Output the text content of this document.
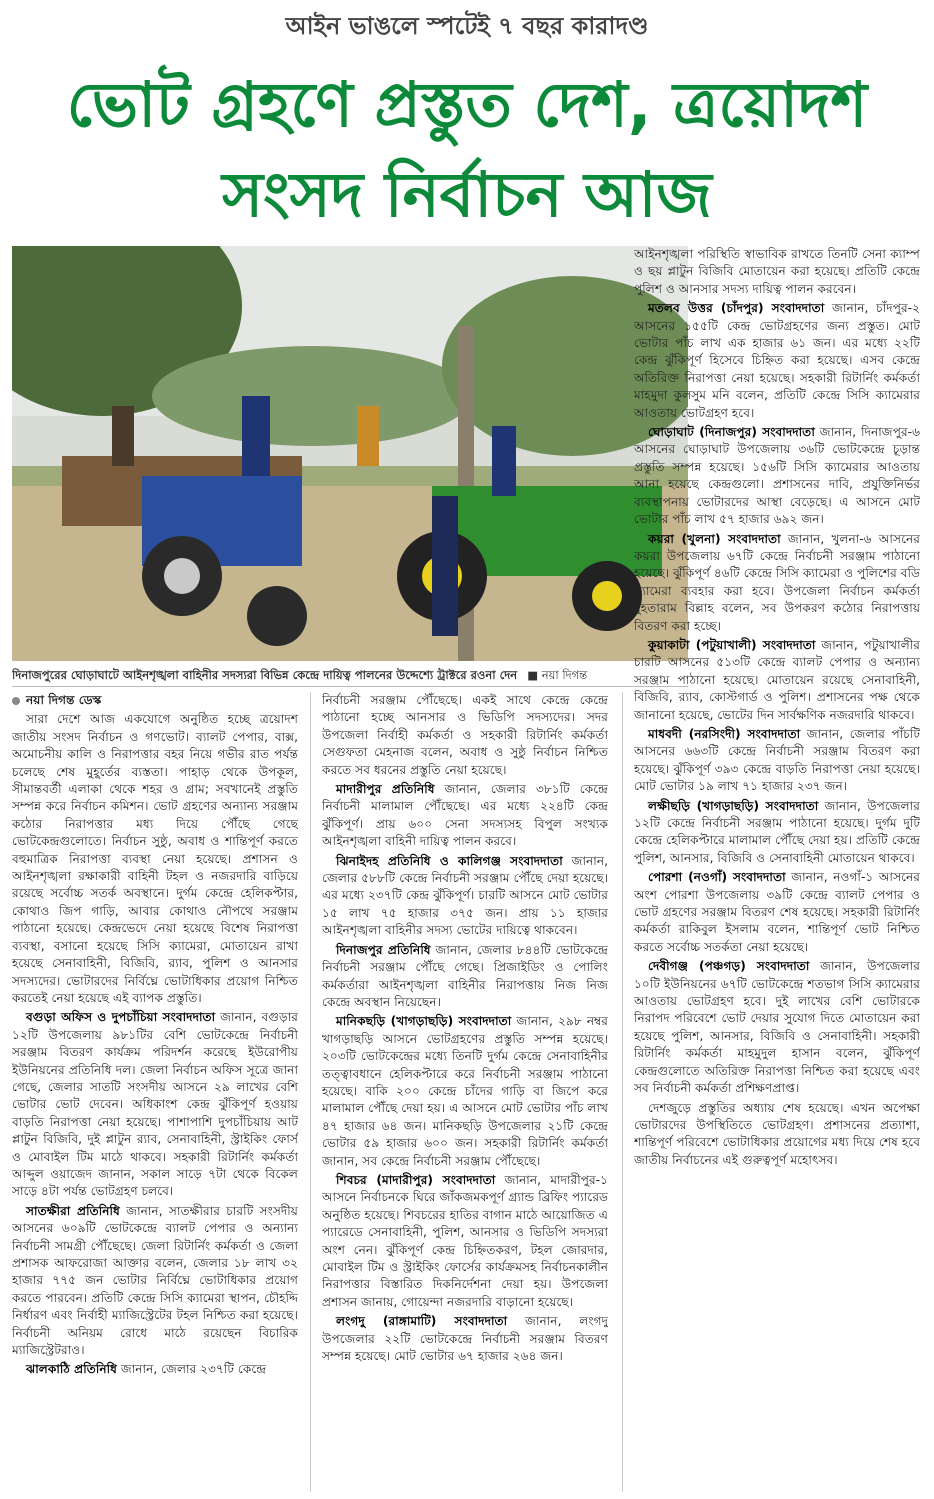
আইন ভাঙলে স্পটেই ৭ বছর কারাদণ্ড
ভোট গ্রহণে প্রস্তুত দেশ, ত্রয়োদশ
সংসদ নির্বাচন আজ
দিনাজপুরের ঘোড়াঘাটে আইনশৃঙ্খলা বাহিনীর সদস্যরা বিভিন্ন কেন্দ্রে দায়িত্ব পালনের উদ্দেশ্যে ট্রাক্টরে রওনা দেন ■ নয়া দিগন্ত

নয়া দিগন্ত ডেস্ক

সারা দেশে আজ একযোগে অনুষ্ঠিত হচ্ছে ত্রয়োদশ জাতীয় সংসদ নির্বাচন ও গণভোট। ব্যালট পেপার, বাক্স, অমোচনীয় কালি ও নিরাপত্তার বহর নিয়ে গভীর রাত পর্যন্ত চলেছে শেষ মুহূর্তের ব্যস্ততা। পাহাড় থেকে উপকূল, সীমান্তবর্তী এলাকা থেকে শহর ও গ্রাম; সবখানেই প্রস্তুতি সম্পন্ন করে নির্বাচন কমিশন। ভোট গ্রহণের অন্যান্য সরঞ্জাম কঠোর নিরাপত্তার মধ্য দিয়ে পৌঁছে গেছে ভোটকেন্দ্রগুলোতে। নির্বাচন সুষ্ঠু, অবাধ ও শান্তিপূর্ণ করতে বহুমাত্রিক নিরাপত্তা ব্যবস্থা নেয়া হয়েছে। প্রশাসন ও আইনশৃঙ্খলা রক্ষাকারী বাহিনী টহল ও নজরদারি বাড়িয়ে রয়েছে সর্বোচ্চ সতর্ক অবস্থানে। দুর্গম কেন্দ্রে হেলিকপ্টার, কোথাও জিপ গাড়ি, আবার কোথাও নৌপথে সরঞ্জাম পাঠানো হয়েছে। কেন্দ্রভেদে নেয়া হয়েছে বিশেষ নিরাপত্তা ব্যবস্থা, বসানো হয়েছে সিসি ক্যামেরা, মোতায়েন রাখা হয়েছে সেনাবাহিনী, বিজিবি, র‌্যাব, পুলিশ ও আনসার সদস্যদের। ভোটারদের নির্বিঘ্নে ভোটাধিকার প্রয়োগ নিশ্চিত করতেই নেয়া হয়েছে এই ব্যাপক প্রস্তুতি।

বগুড়া অফিস ও দুপচাঁচিয়া সংবাদদাতা জানান, বগুড়ার ১২টি উপজেলায় ৯৮১টির বেশি ভোটকেন্দ্রে নির্বাচনী সরঞ্জাম বিতরণ কার্যক্রম পরিদর্শন করেছে ইউরোপীয় ইউনিয়নের প্রতিনিধি দল। জেলা নির্বাচন অফিস সূত্রে জানা গেছে, জেলার সাতটি সংসদীয় আসনে ২৯ লাখের বেশি ভোটার ভোট দেবেন। অধিকাংশ কেন্দ্র ঝুঁকিপূর্ণ হওয়ায় বাড়তি নিরাপত্তা নেয়া হয়েছে। পাশাপাশি দুপচাঁচিয়ায় আট প্লাটুন বিজিবি, দুই প্লাটুন র‌্যাব, সেনাবাহিনী, স্ট্রাইকিং ফোর্স ও মোবাইল টিম মাঠে থাকবে। সহকারী রিটার্নিং কর্মকর্তা আব্দুল ওয়াজেদ জানান, সকাল সাড়ে ৭টা থেকে বিকেল সাড়ে ৪টা পর্যন্ত ভোটগ্রহণ চলবে।

সাতক্ষীরা প্রতিনিধি জানান, সাতক্ষীরার চারটি সংসদীয় আসনের ৬০৯টি ভোটকেন্দ্রে ব্যালট পেপার ও অন্যান্য নির্বাচনী সামগ্রী পৌঁছেছে। জেলা রিটার্নিং কর্মকর্তা ও জেলা প্রশাসক আফরোজা আক্তার বলেন, জেলার ১৮ লাখ ৩২ হাজার ৭৭৫ জন ভোটার নির্বিঘ্নে ভোটাধিকার প্রয়োগ করতে পারবেন। প্রতিটি কেন্দ্রে সিসি ক্যামেরা স্থাপন, চৌহদ্দি নির্ধারণ এবং নির্বাহী ম্যাজিস্ট্রেটের টহল নিশ্চিত করা হয়েছে। নির্বাচনী অনিয়ম রোধে মাঠে রয়েছেন বিচারিক ম্যাজিস্ট্রেটরাও।

ঝালকাঠি প্রতিনিধি জানান, জেলার ২৩৭টি কেন্দ্রে

নির্বাচনী সরঞ্জাম পৌঁছেছে। একই সাথে কেন্দ্রে কেন্দ্রে পাঠানো হচ্ছে আনসার ও ভিডিপি সদস্যদের। সদর উপজেলা নির্বাহী কর্মকর্তা ও সহকারী রিটার্নিং কর্মকর্তা সেগুফতা মেহনাজ বলেন, অবাধ ও সুষ্ঠু নির্বাচন নিশ্চিত করতে সব ধরনের প্রস্তুতি নেয়া হয়েছে।

মাদারীপুর প্রতিনিধি জানান, জেলার ৩৮১টি কেন্দ্রে নির্বাচনী মালামাল পৌঁছেছে। এর মধ্যে ২২৪টি কেন্দ্র ঝুঁকিপূর্ণ। প্রায় ৬০০ সেনা সদস্যসহ বিপুল সংখ্যক আইনশৃঙ্খলা বাহিনী দায়িত্ব পালন করবে।

ঝিনাইদহ প্রতিনিধি ও কালিগঞ্জ সংবাদদাতা জানান, জেলার ৫৮৮টি কেন্দ্রে নির্বাচনী সরঞ্জাম পৌঁছে দেয়া হয়েছে। এর মধ্যে ২৩৭টি কেন্দ্র ঝুঁকিপূর্ণ। চারটি আসনে মোট ভোটার ১৫ লাখ ৭৫ হাজার ৩৭৫ জন। প্রায় ১১ হাজার আইনশৃঙ্খলা বাহিনীর সদস্য ভোটের দায়িত্বে থাকবেন।

দিনাজপুর প্রতিনিধি জানান, জেলার ৮৪৪টি ভোটকেন্দ্রে নির্বাচনী সরঞ্জাম পৌঁছে গেছে। প্রিজাইডিং ও পোলিং কর্মকর্তারা আইনশৃঙ্খলা বাহিনীর নিরাপত্তায় নিজ নিজ কেন্দ্রে অবস্থান নিয়েছেন।

মানিকছড়ি (খাগড়াছড়ি) সংবাদদাতা জানান, ২৯৮ নম্বর খাগড়াছড়ি আসনে ভোটগ্রহণের প্রস্তুতি সম্পন্ন হয়েছে। ২০৩টি ভোটকেন্দ্রের মধ্যে তিনটি দুর্গম কেন্দ্রে সেনাবাহিনীর তত্ত্বাবধানে হেলিকপ্টারে করে নির্বাচনী সরঞ্জাম পাঠানো হয়েছে। বাকি ২০০ কেন্দ্রে চাঁদের গাড়ি বা জিপে করে মালামাল পৌঁছে দেয়া হয়। এ আসনে মোট ভোটার পাঁচ লাখ ৪৭ হাজার ৬৪ জন। মানিকছড়ি উপজেলার ২১টি কেন্দ্রে ভোটার ৫৯ হাজার ৬০০ জন। সহকারী রিটার্নিং কর্মকর্তা জানান, সব কেন্দ্রে নির্বাচনী সরঞ্জাম পৌঁছেছে।

শিবচর (মাদারীপুর) সংবাদদাতা জানান, মাদারীপুর-১ আসনে নির্বাচনকে ঘিরে জাঁকজমকপূর্ণ গ্র্যান্ড ব্রিফিং প্যারেড অনুষ্ঠিত হয়েছে। শিবচরের হাতির বাগান মাঠে আয়োজিত এ প্যারেডে সেনাবাহিনী, পুলিশ, আনসার ও ভিডিপি সদস্যরা অংশ নেন। ঝুঁকিপূর্ণ কেন্দ্র চিহ্নিতকরণ, টহল জোরদার, মোবাইল টিম ও স্ট্রাইকিং ফোর্সের কার্যক্রমসহ নির্বাচনকালীন নিরাপত্তার বিস্তারিত দিকনির্দেশনা দেয়া হয়। উপজেলা প্রশাসন জানায়, গোয়েন্দা নজরদারি বাড়ানো হয়েছে।

লংগদু (রাঙ্গামাটি) সংবাদদাতা জানান, লংগদু উপজেলার ২২টি ভোটকেন্দ্রে নির্বাচনী সরঞ্জাম বিতরণ সম্পন্ন হয়েছে। মোট ভোটার ৬৭ হাজার ২৬৪ জন।

আইনশৃঙ্খলা পরিস্থিতি স্বাভাবিক রাখতে তিনটি সেনা ক্যাম্প ও ছয় প্লাটুন বিজিবি মোতায়েন করা হয়েছে। প্রতিটি কেন্দ্রে পুলিশ ও আনসার সদস্য দায়িত্ব পালন করবেন।

মতলব উত্তর (চাঁদপুর) সংবাদদাতা জানান, চাঁদপুর-২ আসনের ১৫৫টি কেন্দ্র ভোটগ্রহণের জন্য প্রস্তুত। মোট ভোটার পাঁচ লাখ এক হাজার ৬১ জন। এর মধ্যে ২২টি কেন্দ্র ঝুঁকিপূর্ণ হিসেবে চিহ্নিত করা হয়েছে। এসব কেন্দ্রে অতিরিক্ত নিরাপত্তা নেয়া হয়েছে। সহকারী রিটার্নিং কর্মকর্তা মাহমুদা কুলসুম মনি বলেন, প্রতিটি কেন্দ্রে সিসি ক্যামেরার আওতায় ভোটগ্রহণ হবে।

ঘোড়াঘাট (দিনাজপুর) সংবাদদাতা জানান, দিনাজপুর-৬ আসনের ঘোড়াঘাট উপজেলায় ৩৬টি ভোটকেন্দ্রে চূড়ান্ত প্রস্তুতি সম্পন্ন হয়েছে। ১৫৬টি সিসি ক্যামেরার আওতায় আনা হয়েছে কেন্দ্রগুলো। প্রশাসনের দাবি, প্রযুক্তিনির্ভর ব্যবস্থাপনায় ভোটারদের আস্থা বেড়েছে। এ আসনে মোট ভোটার পাঁচ লাখ ৫৭ হাজার ৬৯২ জন।

কয়রা (খুলনা) সংবাদদাতা জানান, খুলনা-৬ আসনের কয়রা উপজেলায় ৬৭টি কেন্দ্রে নির্বাচনী সরঞ্জাম পাঠানো হয়েছে। ঝুঁকিপূর্ণ ৪৬টি কেন্দ্রে সিসি ক্যামেরা ও পুলিশের বডি ক্যামেরা ব্যবহার করা হবে। উপজেলা নির্বাচন কর্মকর্তা মুহতারাম বিল্লাহ বলেন, সব উপকরণ কঠোর নিরাপত্তায় বিতরণ করা হচ্ছে।

কুয়াকাটা (পটুয়াখালী) সংবাদদাতা জানান, পটুয়াখালীর চারটি আসনের ৫১৩টি কেন্দ্রে ব্যালট পেপার ও অন্যান্য সরঞ্জাম পাঠানো হয়েছে। মোতায়েন রয়েছে সেনাবাহিনী, বিজিবি, র‌্যাব, কোস্টগার্ড ও পুলিশ। প্রশাসনের পক্ষ থেকে জানানো হয়েছে, ভোটের দিন সার্বক্ষণিক নজরদারি থাকবে।

মাধবদী (নরসিংদী) সংবাদদাতা জানান, জেলার পাঁচটি আসনের ৬৬৩টি কেন্দ্রে নির্বাচনী সরঞ্জাম বিতরণ করা হয়েছে। ঝুঁকিপূর্ণ ৩৯৩ কেন্দ্রে বাড়তি নিরাপত্তা নেয়া হয়েছে। মোট ভোটার ১৯ লাখ ৭১ হাজার ২৩৭ জন।

লক্ষীছড়ি (খাগড়াছড়ি) সংবাদদাতা জানান, উপজেলার ১২টি কেন্দ্রে নির্বাচনী সরঞ্জাম পাঠানো হয়েছে। দুর্গম দুটি কেন্দ্রে হেলিকপ্টারে মালামাল পৌঁছে দেয়া হয়। প্রতিটি কেন্দ্রে পুলিশ, আনসার, বিজিবি ও সেনাবাহিনী মোতায়েন থাকবে।

পোরশা (নওগাঁ) সংবাদদাতা জানান, নওগাঁ-১ আসনের অংশ পোরশা উপজেলায় ৩৯টি কেন্দ্রে ব্যালট পেপার ও ভোট গ্রহণের সরঞ্জাম বিতরণ শেষ হয়েছে। সহকারী রিটার্নিং কর্মকর্তা রাকিবুল ইসলাম বলেন, শান্তিপূর্ণ ভোট নিশ্চিত করতে সর্বোচ্চ সতর্কতা নেয়া হয়েছে।

দেবীগঞ্জ (পঞ্চগড়) সংবাদদাতা জানান, উপজেলার ১০টি ইউনিয়নের ৬৭টি ভোটকেন্দ্রে শতভাগ সিসি ক্যামেরার আওতায় ভোটগ্রহণ হবে। দুই লাখের বেশি ভোটারকে নিরাপদ পরিবেশে ভোট দেয়ার সুযোগ দিতে মোতায়েন করা হয়েছে পুলিশ, আনসার, বিজিবি ও সেনাবাহিনী। সহকারী রিটার্নিং কর্মকর্তা মাহমুদুল হাসান বলেন, ঝুঁকিপূর্ণ কেন্দ্রগুলোতে অতিরিক্ত নিরাপত্তা নিশ্চিত করা হয়েছে এবং সব নির্বাচনী কর্মকর্তা প্রশিক্ষণপ্রাপ্ত।

দেশজুড়ে প্রস্তুতির অধ্যায় শেষ হয়েছে। এখন অপেক্ষা ভোটারদের উপস্থিতিতে ভোটগ্রহণ। প্রশাসনের প্রত্যাশা, শান্তিপূর্ণ পরিবেশে ভোটাধিকার প্রয়োগের মধ্য দিয়ে শেষ হবে জাতীয় নির্বাচনের এই গুরুত্বপূর্ণ মহোৎসব।
